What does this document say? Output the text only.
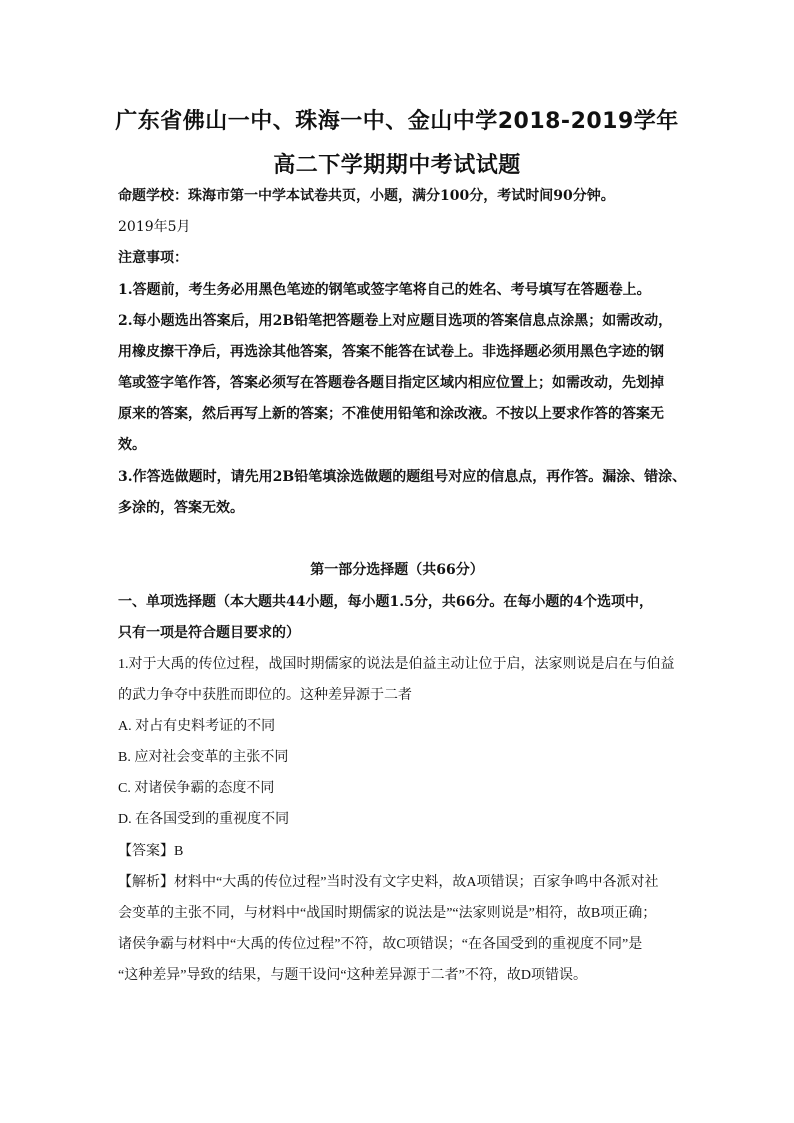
广东省佛山一中、珠海一中、金山中学2018-2019学年
高二下学期期中考试试题
命题学校：珠海市第一中学本试卷共页，小题，满分100分，考试时间90分钟。
2019年5月
注意事项：
1.答题前，考生务必用黑色笔迹的钢笔或签字笔将自己的姓名、考号填写在答题卷上。
2.每小题选出答案后，用2B铅笔把答题卷上对应题目选项的答案信息点涂黑；如需改动，
用橡皮擦干净后，再选涂其他答案，答案不能答在试卷上。非选择题必须用黑色字迹的钢
笔或签字笔作答，答案必须写在答题卷各题目指定区域内相应位置上；如需改动，先划掉
原来的答案，然后再写上新的答案；不准使用铅笔和涂改液。不按以上要求作答的答案无
效。
3.作答选做题时，请先用2B铅笔填涂选做题的题组号对应的信息点，再作答。漏涂、错涂、
多涂的，答案无效。
第一部分选择题（共66分）
一、单项选择题（本大题共44小题，每小题1.5分，共66分。在每小题的4个选项中，
只有一项是符合题目要求的）
1.对于大禹的传位过程，战国时期儒家的说法是伯益主动让位于启，法家则说是启在与伯益
的武力争夺中获胜而即位的。这种差异源于二者
A. 对占有史料考证的不同
B. 应对社会变革的主张不同
C. 对诸侯争霸的态度不同
D. 在各国受到的重视度不同
【答案】B
【解析】材料中“大禹的传位过程”当时没有文字史料，故A项错误；百家争鸣中各派对社
会变革的主张不同，与材料中“战国时期儒家的说法是”“法家则说是”相符，故B项正确；
诸侯争霸与材料中“大禹的传位过程”不符，故C项错误；“在各国受到的重视度不同”是
“这种差异”导致的结果，与题干设问“这种差异源于二者”不符，故D项错误。
